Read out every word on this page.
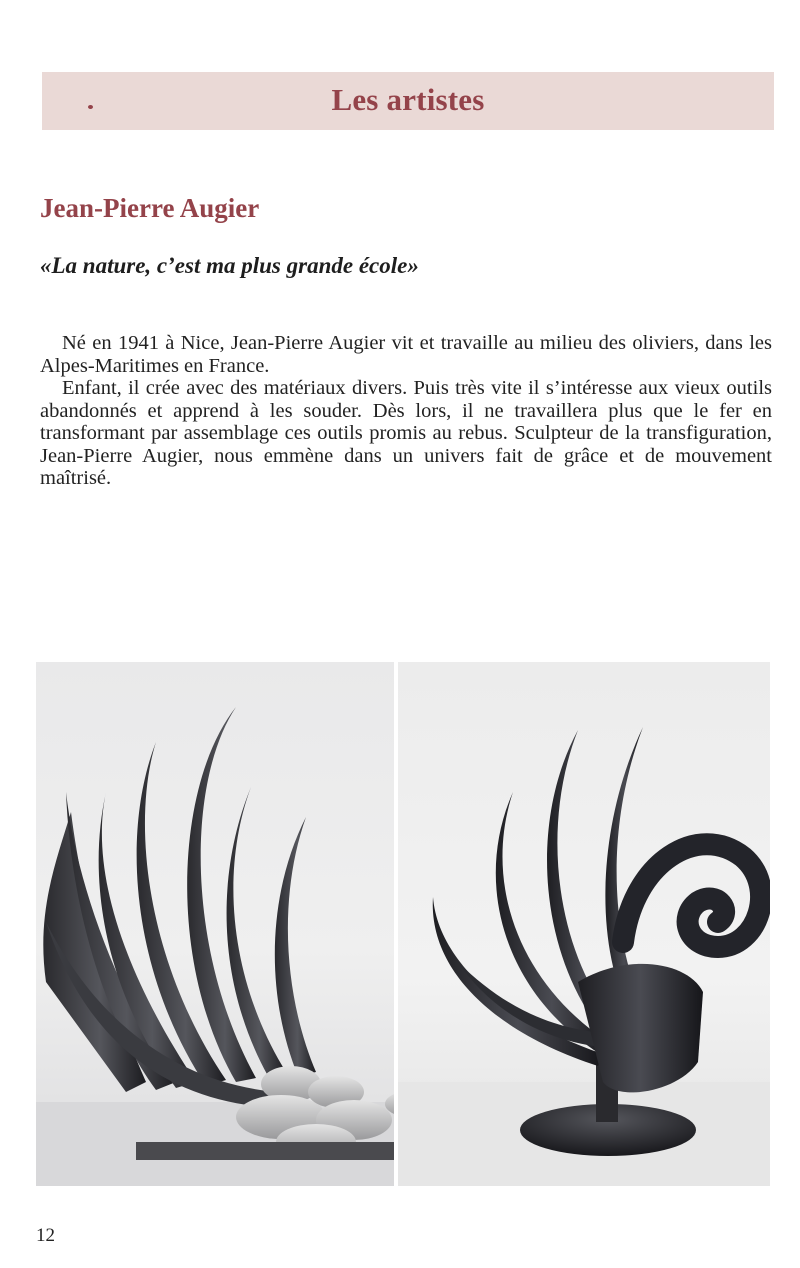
Les artistes
Jean-Pierre Augier
«La nature, c’est ma plus grande école»

Né en 1941 à Nice, Jean-Pierre Augier vit et travaille au milieu des oliviers, dans les Alpes-Maritimes en France.

Enfant, il crée avec des matériaux divers. Puis très vite il s’intéresse aux vieux outils abandonnés et apprend à les souder. Dès lors, il ne travaillera plus que le fer en transformant par assemblage ces outils promis au rebus. Sculpteur de la transfiguration, Jean-Pierre Augier, nous emmène dans un univers fait de grâce et de mouvement maîtrisé.

12
